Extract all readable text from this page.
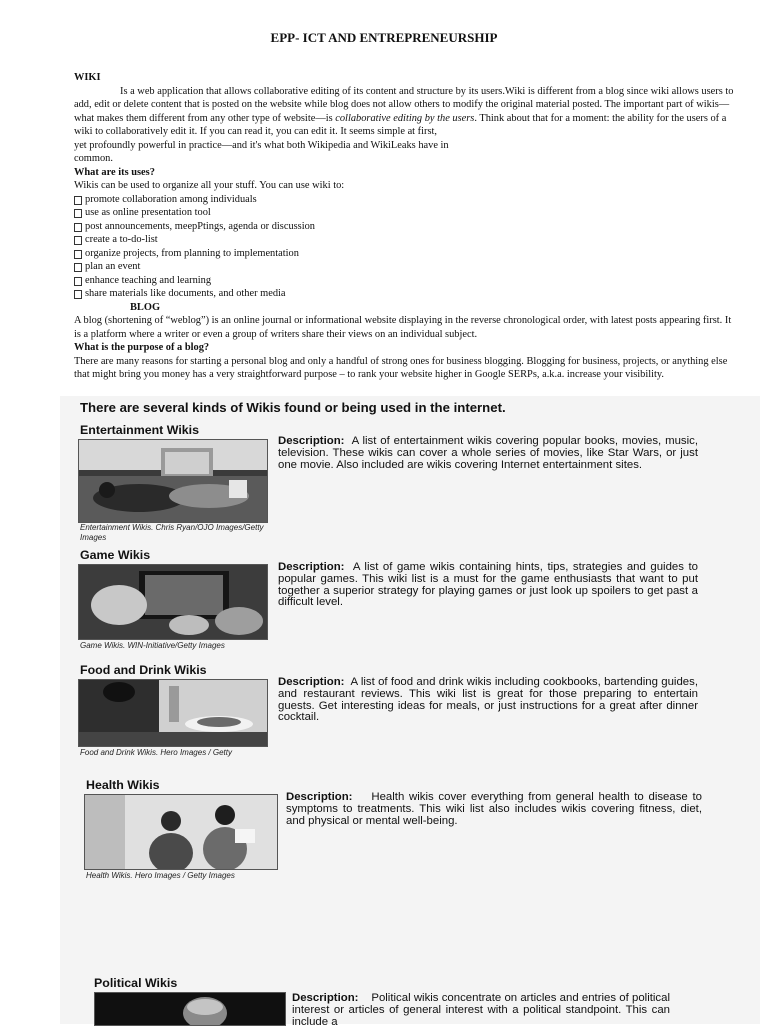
EPP- ICT AND ENTREPRENEURSHIP

WIKI

Is a web application that allows collaborative editing of its content and structure by its users.Wiki is different from a blog since wiki allows users to add, edit or delete content that is posted on the website while blog does not allow others to modify the original material posted. The important part of wikis—what makes them different from any other type of website—is collaborative editing by the users. Think about that for a moment: the ability for the users of a wiki to collaboratively edit it. If you can read it, you can edit it. It seems simple at first,

yet profoundly powerful in practice—and it's what both Wikipedia and WikiLeaks have in

common.

What are its uses?

Wikis can be used to organize all your stuff. You can use wiki to:

promote collaboration among individuals
use as online presentation tool
post announcements, meepPtings, agenda or discussion
create a to-do-list
organize projects, from planning to implementation
plan an event
enhance teaching and learning
share materials like documents, and other media

BLOG

A blog (shortening of “weblog”) is an online journal or informational website displaying in the reverse chronological order, with latest posts appearing first. It is a platform where a writer or even a group of writers share their views on an individual subject.

What is the purpose of a blog?

There are many reasons for starting a personal blog and only a handful of strong ones for business blogging. Blogging for business, projects, or anything else that might bring you money has a very straightforward purpose – to rank your website higher in Google SERPs, a.k.a. increase your visibility.

There are several kinds of Wikis found or being used in the internet.
Entertainment Wikis
Entertainment Wikis. Chris Ryan/OJO Images/Getty Images
Description: A list of entertainment wikis covering popular books, movies, music, television. These wikis can cover a whole series of movies, like Star Wars, or just one movie. Also included are wikis covering Internet entertainment sites.
Game Wikis
Game Wikis. WIN-Initiative/Getty Images
Description: A list of game wikis containing hints, tips, strategies and guides to popular games. This wiki list is a must for the game enthusiasts that want to put together a superior strategy for playing games or just look up spoilers to get past a difficult level.
Food and Drink Wikis
Food and Drink Wikis. Hero Images / Getty
Description: A list of food and drink wikis including cookbooks, bartending guides, and restaurant reviews. This wiki list is great for those preparing to entertain guests. Get interesting ideas for meals, or just instructions for a great after dinner cocktail.
Health Wikis
Health Wikis. Hero Images / Getty Images
Description: Health wikis cover everything from general health to disease to symptoms to treatments. This wiki list also includes wikis covering fitness, diet, and physical or mental well-being.
Political Wikis
Description: Political wikis concentrate on articles and entries of political interest or articles of general interest with a political standpoint. This can include a
